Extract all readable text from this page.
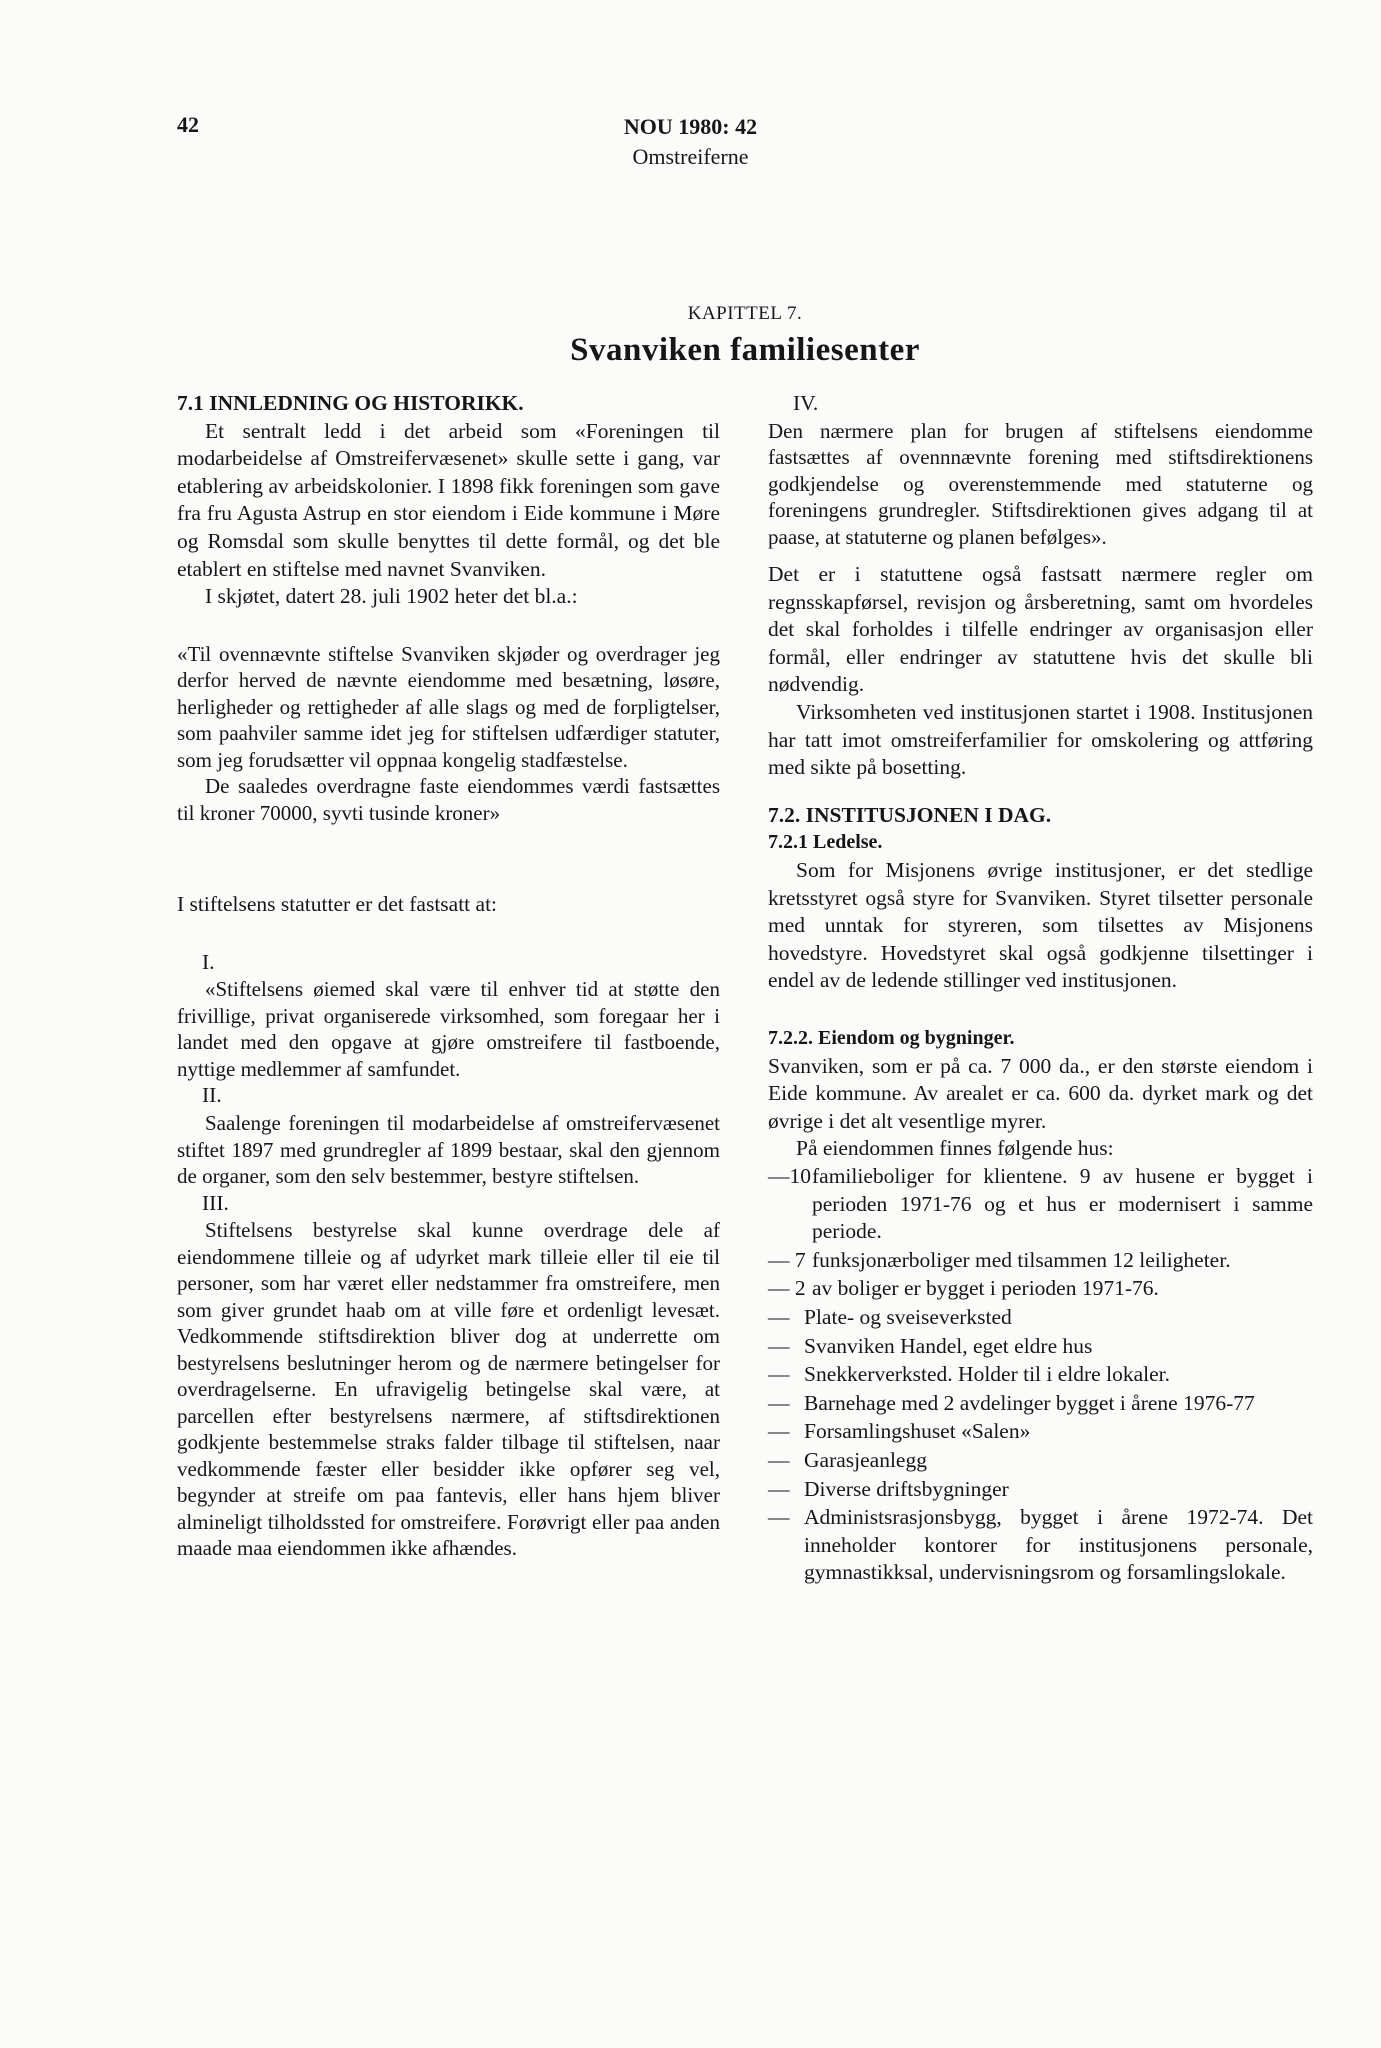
42	NOU 1980: 42
Omstreiferne
KAPITTEL 7.
Svanviken familiesenter

7.1 INNLEDNING OG HISTORIKK.

Et sentralt ledd i det arbeid som «Foreningen til modarbeidelse af Omstreifervæsenet» skulle sette i gang, var etablering av arbeidskolonier. I 1898 fikk foreningen som gave fra fru Agusta Astrup en stor eiendom i Eide kommune i Møre og Romsdal som skulle benyttes til dette formål, og det ble etablert en stiftelse med navnet Svanviken.

I skjøtet, datert 28. juli 1902 heter det bl.a.:

«Til ovennævnte stiftelse Svanviken skjøder og overdrager jeg derfor herved de nævnte eiendomme med besætning, løsøre, herligheder og rettigheder af alle slags og med de forpligtelser, som paahviler samme idet jeg for stiftelsen udfærdiger statuter, som jeg forudsætter vil oppnaa kongelig stadfæstelse.

De saaledes overdragne faste eiendommes værdi fastsættes til kroner 70000, syvti tusinde kroner»

I stiftelsens statutter er det fastsatt at:

I.

«Stiftelsens øiemed skal være til enhver tid at støtte den frivillige, privat organiserede virksomhed, som foregaar her i landet med den opgave at gjøre omstreifere til fastboende, nyttige medlemmer af samfundet.

II.

Saalenge foreningen til modarbeidelse af omstreifervæsenet stiftet 1897 med grundregler af 1899 bestaar, skal den gjennom de organer, som den selv bestemmer, bestyre stiftelsen.

III.

Stiftelsens bestyrelse skal kunne overdrage dele af eiendommene tilleie og af udyrket mark tilleie eller til eie til personer, som har været eller nedstammer fra omstreifere, men som giver grundet haab om at ville føre et ordenligt levesæt. Vedkommende stiftsdirektion bliver dog at underrette om bestyrelsens beslutninger herom og de nærmere betingelser for overdragelserne. En ufravigelig betingelse skal være, at parcellen efter bestyrelsens nærmere, af stiftsdirektionen godkjente bestemmelse straks falder tilbage til stiftelsen, naar vedkommende fæster eller besidder ikke opfører seg vel, begynder at streife om paa fantevis, eller hans hjem bliver almineligt tilholdssted for omstreifere. Forøvrigt eller paa anden maade maa eiendommen ikke afhændes.

IV.

Den nærmere plan for brugen af stiftelsens eiendomme fastsættes af ovennnævnte forening med stiftsdirektionens godkjendelse og overenstemmende med statuterne og foreningens grundregler. Stiftsdirektionen gives adgang til at paase, at statuterne og planen befølges».

Det er i statuttene også fastsatt nærmere regler om regnsskapførsel, revisjon og årsberetning, samt om hvordeles det skal forholdes i tilfelle endringer av organisasjon eller formål, eller endringer av statuttene hvis det skulle bli nødvendig.

Virksomheten ved institusjonen startet i 1908. Institusjonen har tatt imot omstreiferfamilier for omskolering og attføring med sikte på bosetting.

7.2. INSTITUSJONEN I DAG.

7.2.1 Ledelse.

Som for Misjonens øvrige institusjoner, er det stedlige kretsstyret også styre for Svanviken. Styret tilsetter personale med unntak for styreren, som tilsettes av Misjonens hovedstyre. Hovedstyret skal også godkjenne tilsettinger i endel av de ledende stillinger ved institusjonen.

7.2.2. Eiendom og bygninger.

Svanviken, som er på ca. 7 000 da., er den største eiendom i Eide kommune. Av arealet er ca. 600 da. dyrket mark og det øvrige i det alt vesentlige myrer.

På eiendommen finnes følgende hus:

—10 familieboliger for klientene. 9 av husene er bygget i perioden 1971-76 og et hus er modernisert i samme periode.
— 7 funksjonærboliger med tilsammen 12 leiligheter.
— 2 av boliger er bygget i perioden 1971-76.
— Plate- og sveiseverksted
— Svanviken Handel, eget eldre hus
— Snekkerverksted. Holder til i eldre lokaler.
— Barnehage med 2 avdelinger bygget i årene 1976-77
— Forsamlingshuset «Salen»
— Garasjeanlegg
— Diverse driftsbygninger
— Administsrasjonsbygg, bygget i årene 1972-74. Det inneholder kontorer for institusjonens personale, gymnastikksal, undervisningsrom og forsamlingslokale.
